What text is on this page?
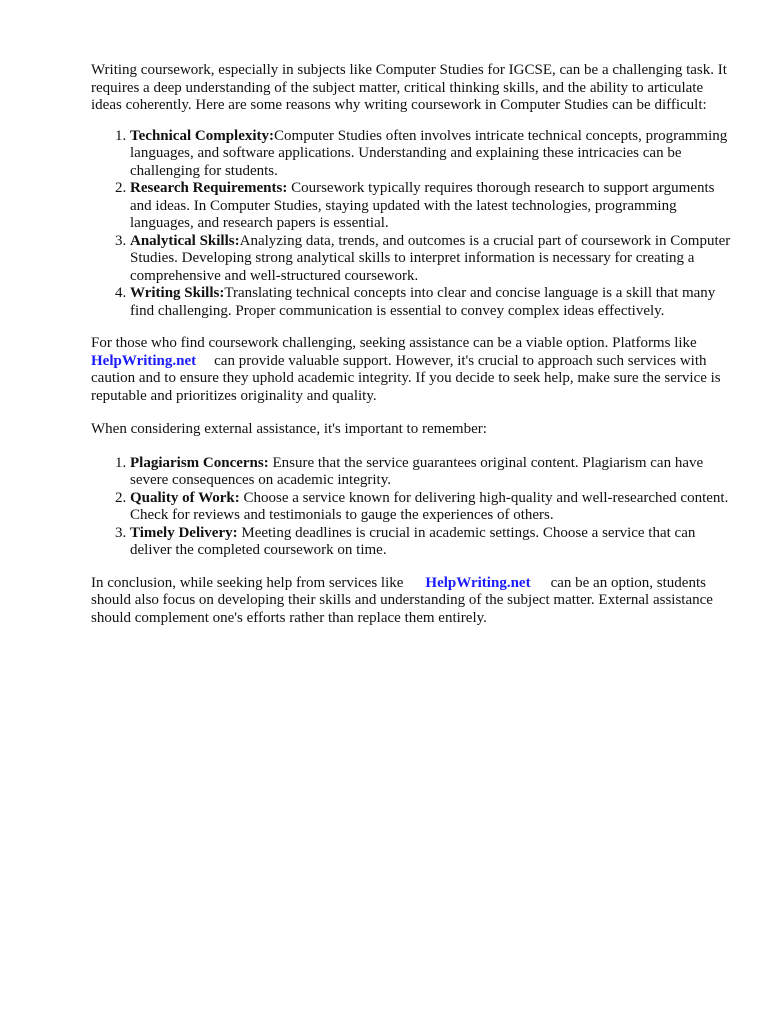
Writing coursework, especially in subjects like Computer Studies for IGCSE, can be a challenging task. It requires a deep understanding of the subject matter, critical thinking skills, and the ability to articulate ideas coherently. Here are some reasons why writing coursework in Computer Studies can be difficult:

1. Technical Complexity:Computer Studies often involves intricate technical concepts, programming languages, and software applications. Understanding and explaining these intricacies can be challenging for students.
2. Research Requirements: Coursework typically requires thorough research to support arguments and ideas. In Computer Studies, staying updated with the latest technologies, programming languages, and research papers is essential.
3. Analytical Skills:Analyzing data, trends, and outcomes is a crucial part of coursework in Computer Studies. Developing strong analytical skills to interpret information is necessary for creating a comprehensive and well-structured coursework.
4. Writing Skills:Translating technical concepts into clear and concise language is a skill that many find challenging. Proper communication is essential to convey complex ideas effectively.

For those who find coursework challenging, seeking assistance can be a viable option. Platforms like HelpWriting.net can provide valuable support. However, it's crucial to approach such services with caution and to ensure they uphold academic integrity. If you decide to seek help, make sure the service is reputable and prioritizes originality and quality.

When considering external assistance, it's important to remember:

1. Plagiarism Concerns: Ensure that the service guarantees original content. Plagiarism can have severe consequences on academic integrity.
2. Quality of Work: Choose a service known for delivering high-quality and well-researched content. Check for reviews and testimonials to gauge the experiences of others.
3. Timely Delivery: Meeting deadlines is crucial in academic settings. Choose a service that can deliver the completed coursework on time.

In conclusion, while seeking help from services like HelpWriting.net can be an option, students should also focus on developing their skills and understanding of the subject matter. External assistance should complement one's efforts rather than replace them entirely.
